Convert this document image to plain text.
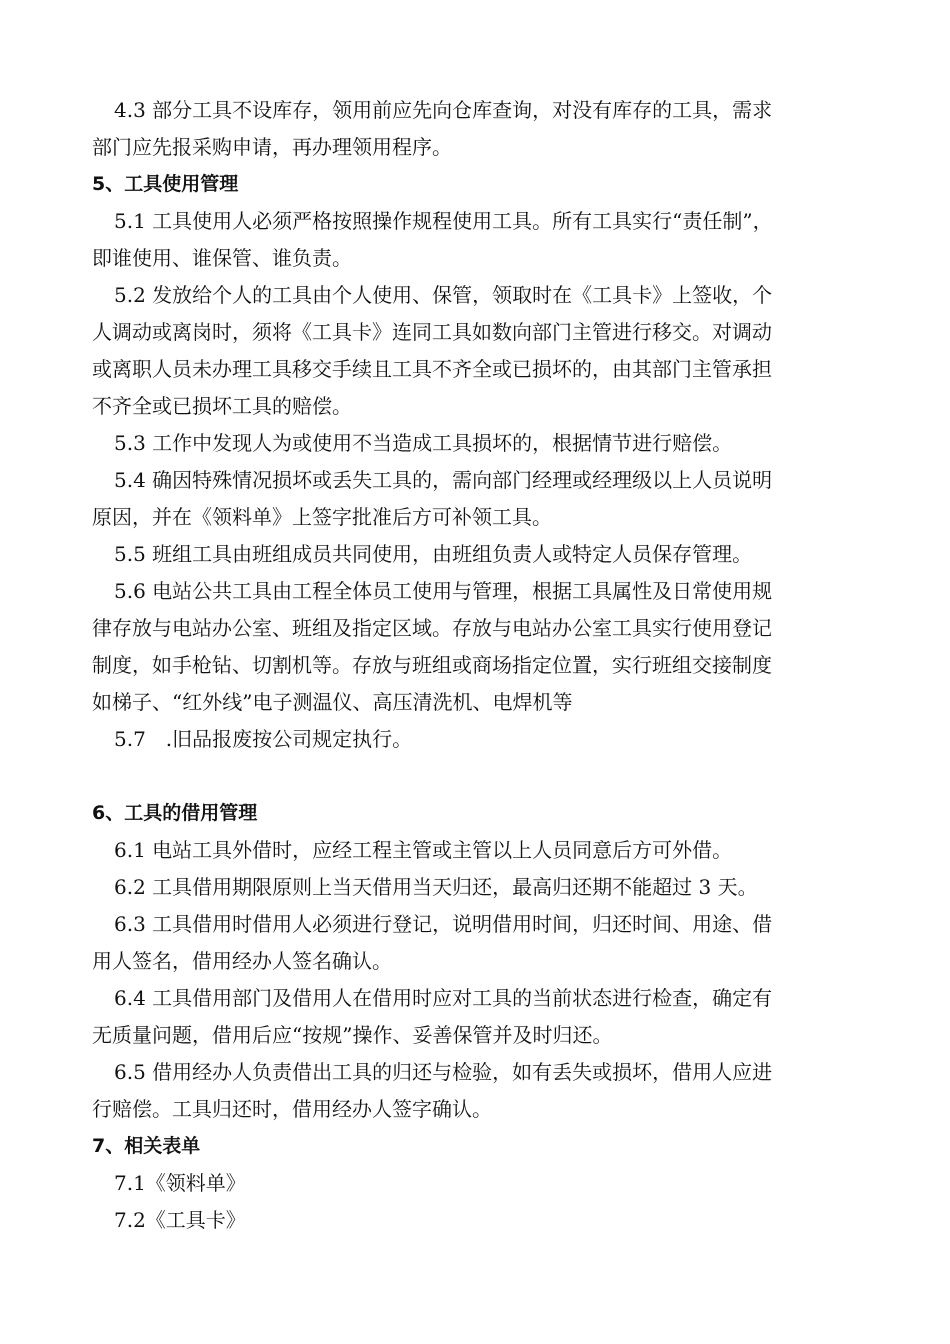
4.3 部分工具不设库存，领用前应先向仓库查询，对没有库存的工具，需求

部门应先报采购申请，再办理领用程序。

5、工具使用管理

5.1 工具使用人必须严格按照操作规程使用工具。所有工具实行“责任制”，

即谁使用、谁保管、谁负责。

5.2 发放给个人的工具由个人使用、保管，领取时在《工具卡》上签收，个

人调动或离岗时，须将《工具卡》连同工具如数向部门主管进行移交。对调动

或离职人员未办理工具移交手续且工具不齐全或已损坏的，由其部门主管承担

不齐全或已损坏工具的赔偿。

5.3 工作中发现人为或使用不当造成工具损坏的，根据情节进行赔偿。

5.4 确因特殊情况损坏或丢失工具的，需向部门经理或经理级以上人员说明

原因，并在《领料单》上签字批准后方可补领工具。

5.5 班组工具由班组成员共同使用，由班组负责人或特定人员保存管理。

5.6 电站公共工具由工程全体员工使用与管理，根据工具属性及日常使用规

律存放与电站办公室、班组及指定区域。存放与电站办公室工具实行使用登记

制度，如手枪钻、切割机等。存放与班组或商场指定位置，实行班组交接制度

如梯子、“红外线”电子测温仪、高压清洗机、电焊机等

5.7　.旧品报废按公司规定执行。

6、工具的借用管理

6.1 电站工具外借时，应经工程主管或主管以上人员同意后方可外借。

6.2 工具借用期限原则上当天借用当天归还，最高归还期不能超过 3 天。

6.3 工具借用时借用人必须进行登记，说明借用时间，归还时间、用途、借

用人签名，借用经办人签名确认。

6.4 工具借用部门及借用人在借用时应对工具的当前状态进行检查，确定有

无质量问题，借用后应“按规”操作、妥善保管并及时归还。

6.5 借用经办人负责借出工具的归还与检验，如有丢失或损坏，借用人应进

行赔偿。工具归还时，借用经办人签字确认。

7、相关表单

7.1《领料单》

7.2《工具卡》
